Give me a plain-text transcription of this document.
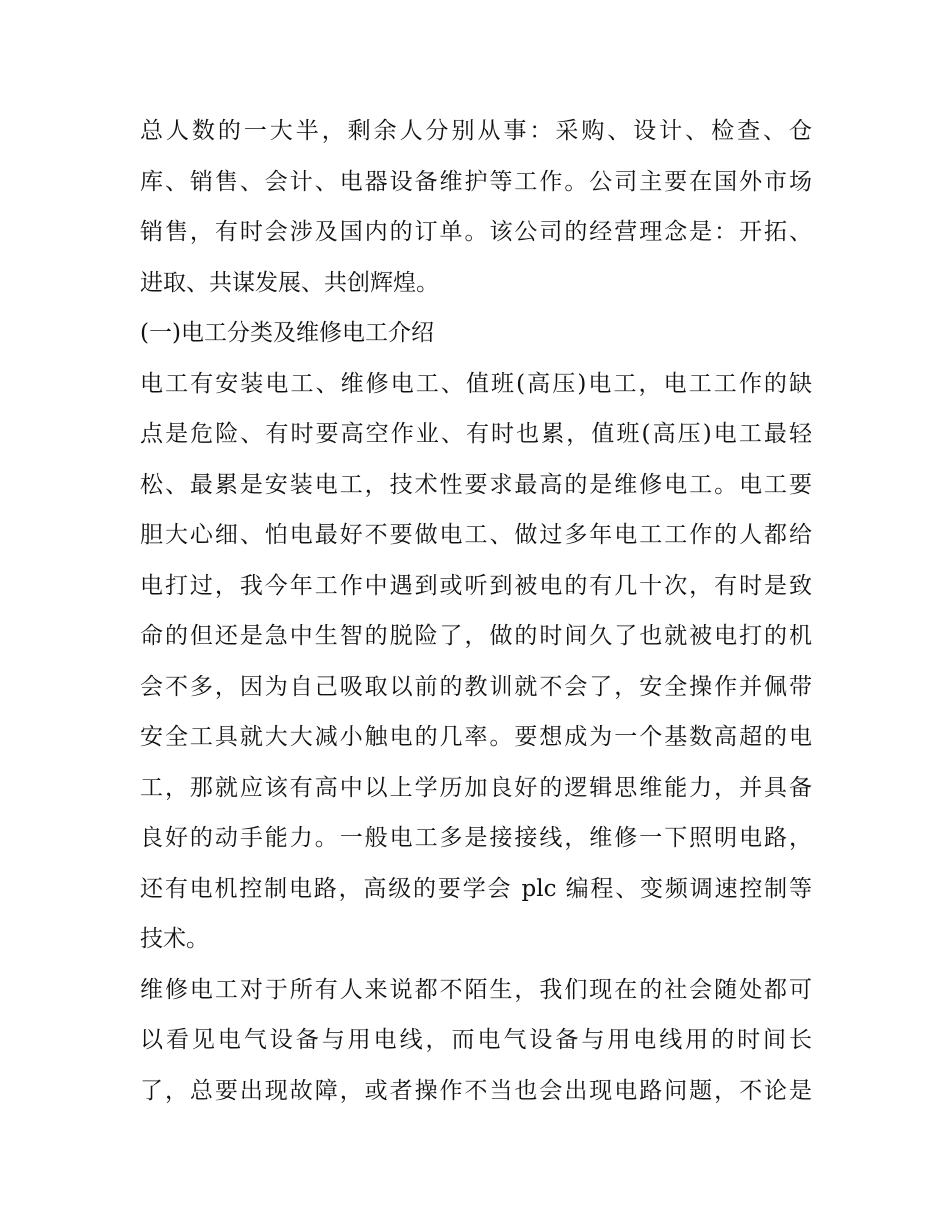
总人数的一大半，剩余人分别从事：采购、设计、检查、仓
库、销售、会计、电器设备维护等工作。公司主要在国外市场
销售，有时会涉及国内的订单。该公司的经营理念是：开拓、
进取、共谋发展、共创辉煌。
(一)电工分类及维修电工介绍
电工有安装电工、维修电工、值班(高压)电工，电工工作的缺
点是危险、有时要高空作业、有时也累，值班(高压)电工最轻
松、最累是安装电工，技术性要求最高的是维修电工。电工要
胆大心细、怕电最好不要做电工、做过多年电工工作的人都给
电打过，我今年工作中遇到或听到被电的有几十次，有时是致
命的但还是急中生智的脱险了，做的时间久了也就被电打的机
会不多，因为自己吸取以前的教训就不会了，安全操作并佩带
安全工具就大大减小触电的几率。要想成为一个基数高超的电
工，那就应该有高中以上学历加良好的逻辑思维能力，并具备
良好的动手能力。一般电工多是接接线，维修一下照明电路，
还有电机控制电路，高级的要学会 plc 编程、变频调速控制等
技术。
维修电工对于所有人来说都不陌生，我们现在的社会随处都可
以看见电气设备与用电线，而电气设备与用电线用的时间长
了，总要出现故障，或者操作不当也会出现电路问题，不论是
